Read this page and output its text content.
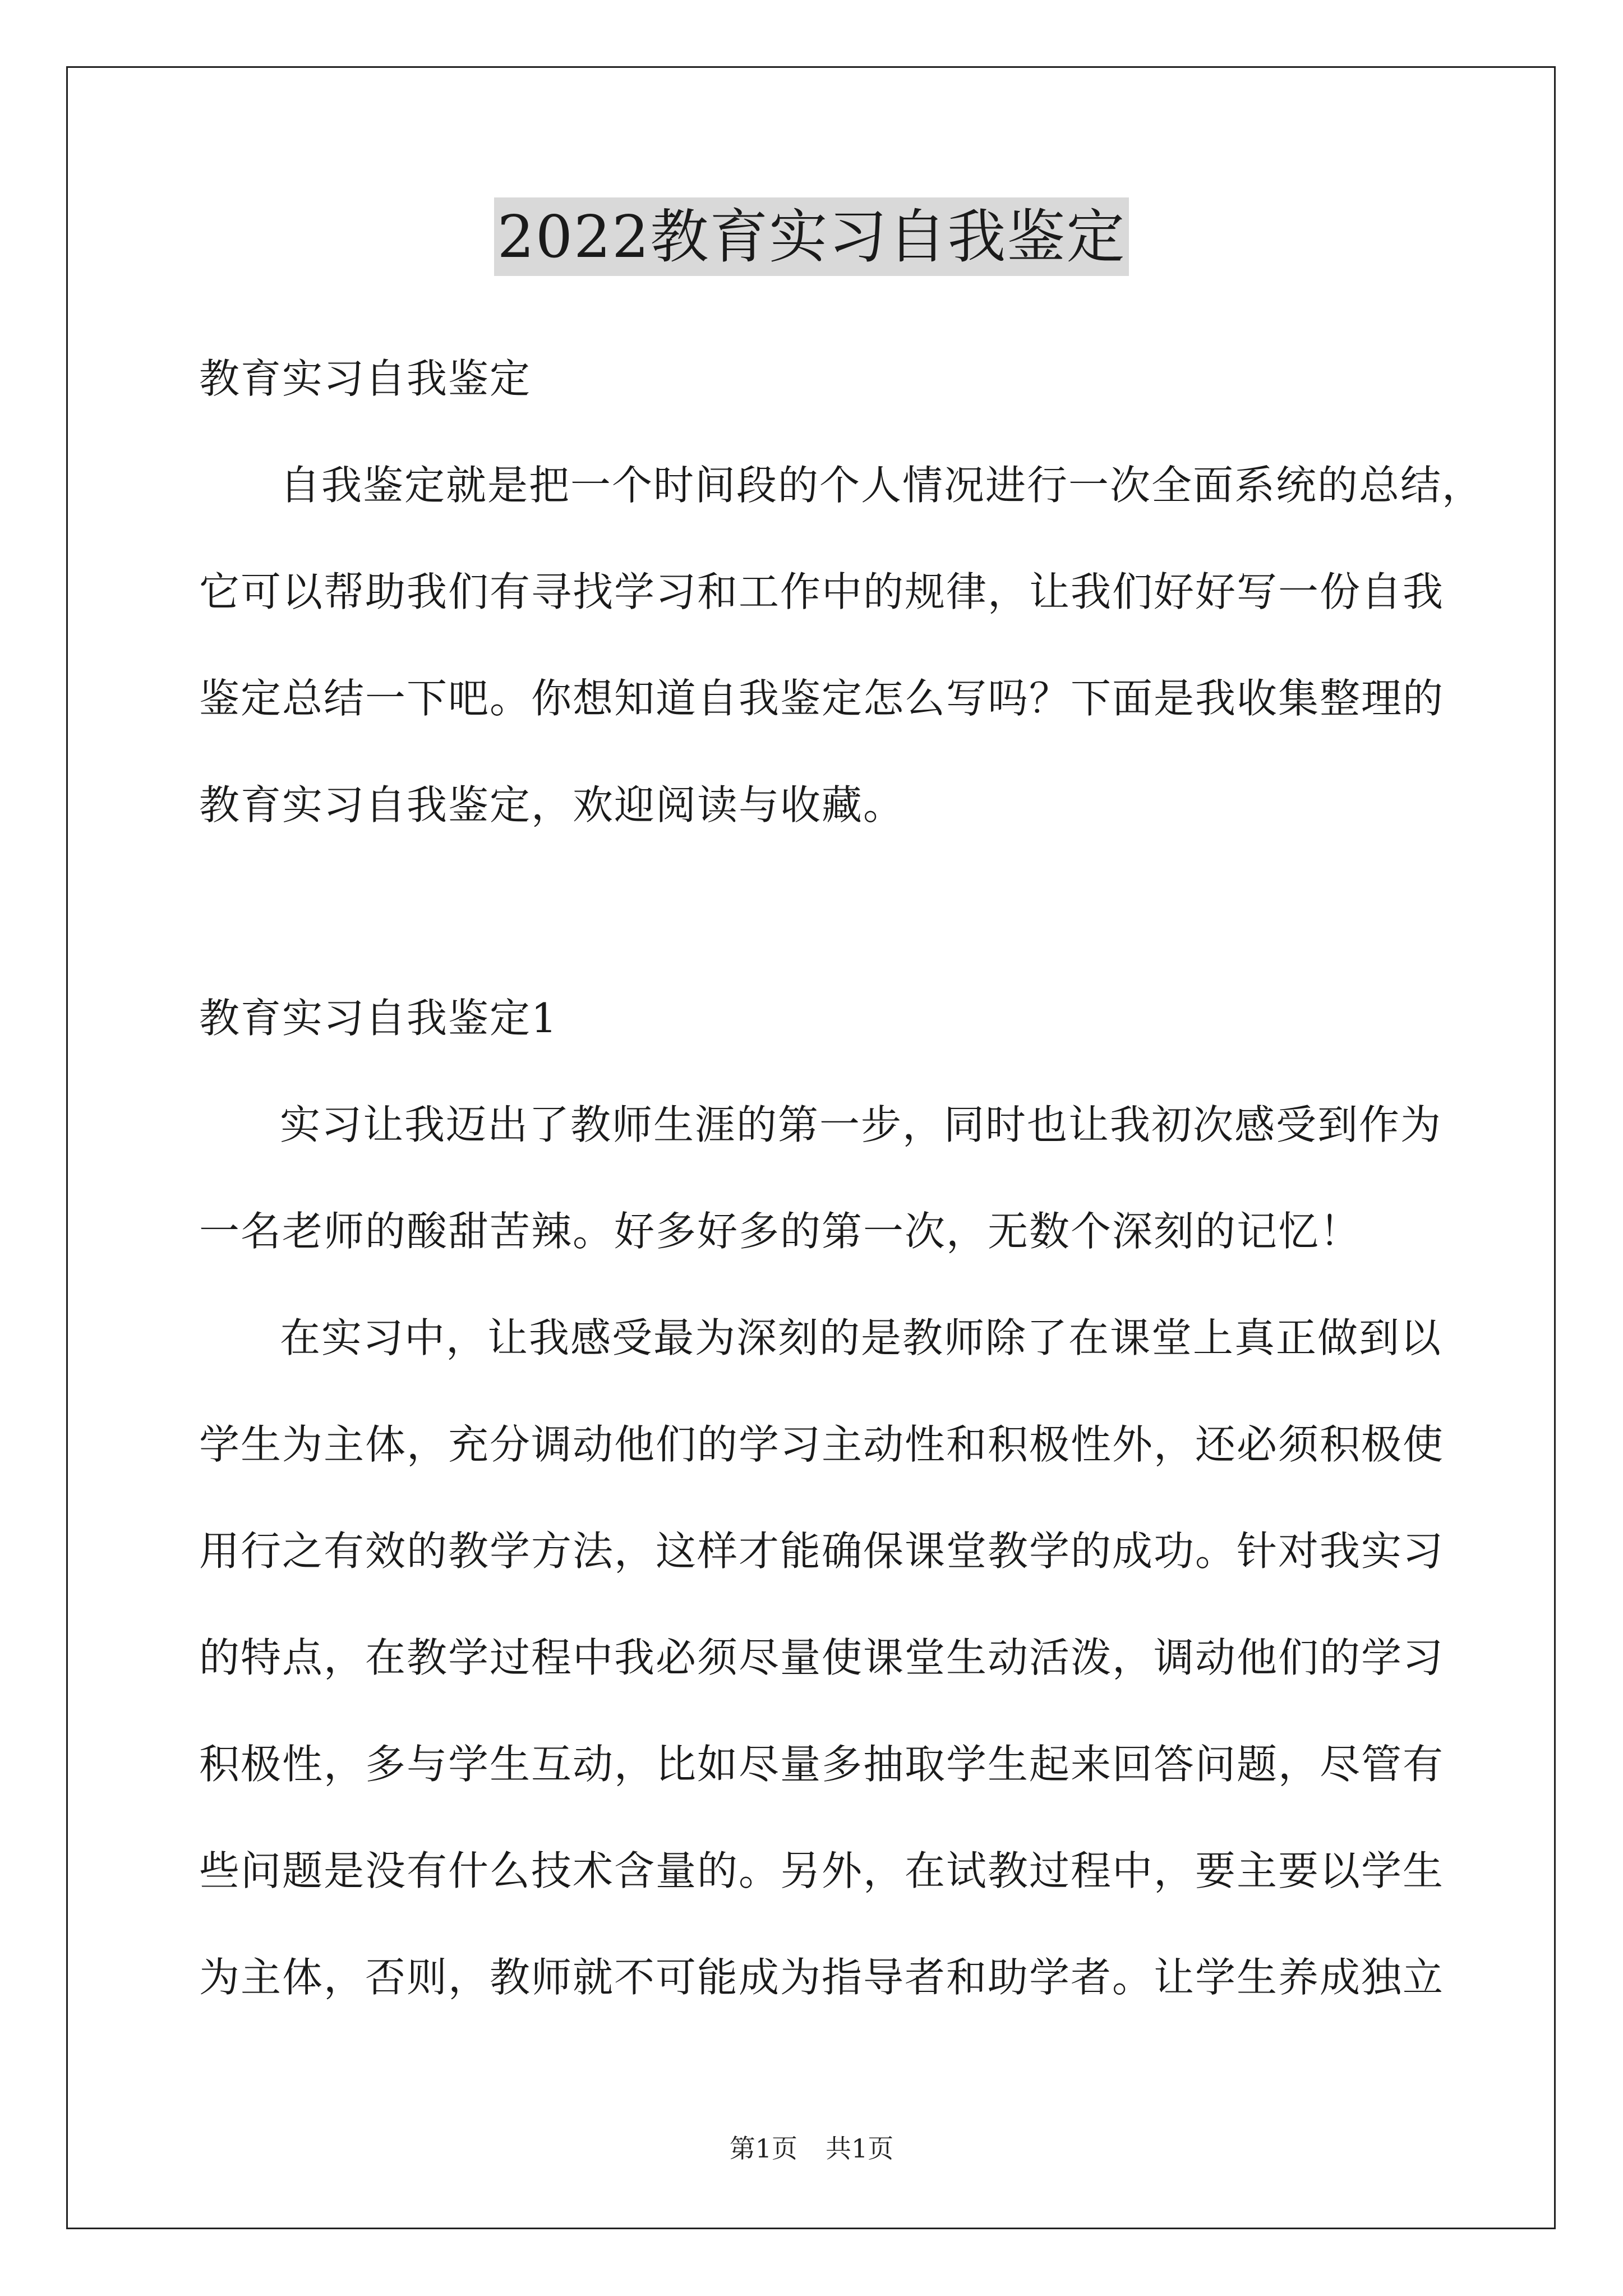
2022教育实习自我鉴定
教育实习自我鉴定
自我鉴定就是把一个时间段的个人情况进行一次全面系统的总结，
它可以帮助我们有寻找学习和工作中的规律，让我们好好写一份自我
鉴定总结一下吧。你想知道自我鉴定怎么写吗？下面是我收集整理的
教育实习自我鉴定，欢迎阅读与收藏。
教育实习自我鉴定1
实习让我迈出了教师生涯的第一步，同时也让我初次感受到作为
一名老师的酸甜苦辣。好多好多的第一次，无数个深刻的记忆！
在实习中，让我感受最为深刻的是教师除了在课堂上真正做到以
学生为主体，充分调动他们的学习主动性和积极性外，还必须积极使
用行之有效的教学方法，这样才能确保课堂教学的成功。针对我实习
的特点，在教学过程中我必须尽量使课堂生动活泼，调动他们的学习
积极性，多与学生互动，比如尽量多抽取学生起来回答问题，尽管有
些问题是没有什么技术含量的。另外，在试教过程中，要主要以学生
为主体，否则，教师就不可能成为指导者和助学者。让学生养成独立
第1页 共1页
